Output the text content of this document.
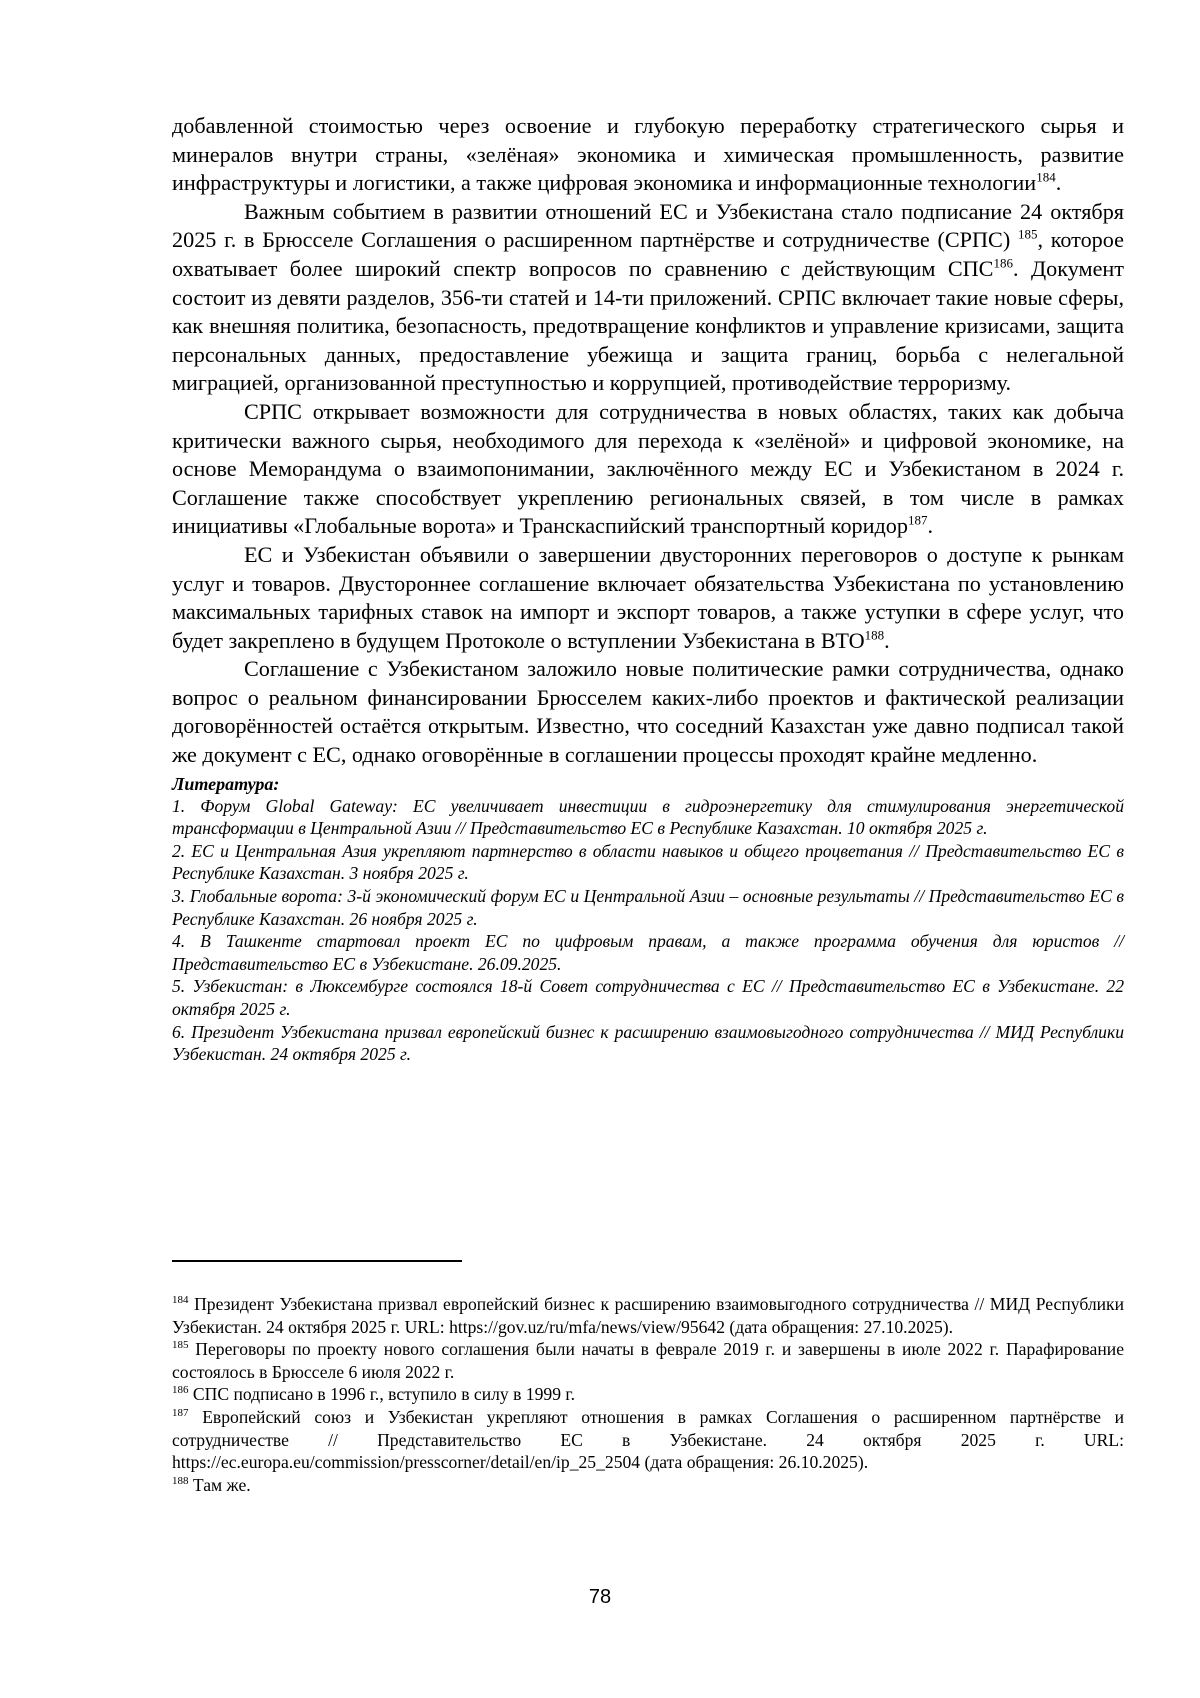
добавленной стоимостью через освоение и глубокую переработку стратегического сырья и минералов внутри страны, «зелёная» экономика и химическая промышленность, развитие инфраструктуры и логистики, а также цифровая экономика и информационные технологии$^{184}$.

Важным событием в развитии отношений ЕС и Узбекистана стало подписание 24 октября 2025 г. в Брюсселе Соглашения о расширенном партнёрстве и сотрудничестве (СРПС) $^{185}$, которое охватывает более широкий спектр вопросов по сравнению с действующим СПС$^{186}$. Документ состоит из девяти разделов, 356-ти статей и 14-ти приложений. СРПС включает такие новые сферы, как внешняя политика, безопасность, предотвращение конфликтов и управление кризисами, защита персональных данных, предоставление убежища и защита границ, борьба с нелегальной миграцией, организованной преступностью и коррупцией, противодействие терроризму.

СРПС открывает возможности для сотрудничества в новых областях, таких как добыча критически важного сырья, необходимого для перехода к «зелёной» и цифровой экономике, на основе Меморандума о взаимопонимании, заключённого между ЕС и Узбекистаном в 2024 г. Соглашение также способствует укреплению региональных связей, в том числе в рамках инициативы «Глобальные ворота» и Транскаспийский транспортный коридор$^{187}$.

ЕС и Узбекистан объявили о завершении двусторонних переговоров о доступе к рынкам услуг и товаров. Двустороннее соглашение включает обязательства Узбекистана по установлению максимальных тарифных ставок на импорт и экспорт товаров, а также уступки в сфере услуг, что будет закреплено в будущем Протоколе о вступлении Узбекистана в ВТО$^{188}$.

Соглашение с Узбекистаном заложило новые политические рамки сотрудничества, однако вопрос о реальном финансировании Брюсселем каких-либо проектов и фактической реализации договорённостей остаётся открытым. Известно, что соседний Казахстан уже давно подписал такой же документ с ЕС, однако оговорённые в соглашении процессы проходят крайне медленно.

Литература:

1. Форум Global Gateway: ЕС увеличивает инвестиции в гидроэнергетику для стимулирования энергетической трансформации в Центральной Азии // Представительство ЕС в Республике Казахстан. 10 октября 2025 г.

2. ЕС и Центральная Азия укрепляют партнерство в области навыков и общего процветания // Представительство ЕС в Республике Казахстан. 3 ноября 2025 г.

3. Глобальные ворота: 3-й экономический форум ЕС и Центральной Азии – основные результаты // Представительство ЕС в Республике Казахстан. 26 ноября 2025 г.

4. В Ташкенте стартовал проект ЕС по цифровым правам, а также программа обучения для юристов // Представительство ЕС в Узбекистане. 26.09.2025.

5. Узбекистан: в Люксембурге состоялся 18-й Совет сотрудничества с ЕС // Представительство ЕС в Узбекистане. 22 октября 2025 г.

6. Президент Узбекистана призвал европейский бизнес к расширению взаимовыгодного сотрудничества // МИД Республики Узбекистан. 24 октября 2025 г.

$^{184}$ Президент Узбекистана призвал европейский бизнес к расширению взаимовыгодного сотрудничества // МИД Республики Узбекистан. 24 октября 2025 г. URL: https://gov.uz/ru/mfa/news/view/95642 (дата обращения: 27.10.2025).

$^{185}$ Переговоры по проекту нового соглашения были начаты в феврале 2019 г. и завершены в июле 2022 г. Парафирование состоялось в Брюсселе 6 июля 2022 г.

$^{186}$ СПС подписано в 1996 г., вступило в силу в 1999 г.

$^{187}$ Европейский союз и Узбекистан укрепляют отношения в рамках Соглашения о расширенном партнёрстве и сотрудничестве // Представительство ЕС в Узбекистане. 24 октября 2025 г. URL: https://ec.europa.eu/commission/presscorner/detail/en/ip_25_2504 (дата обращения: 26.10.2025).

$^{188}$ Там же.

78
